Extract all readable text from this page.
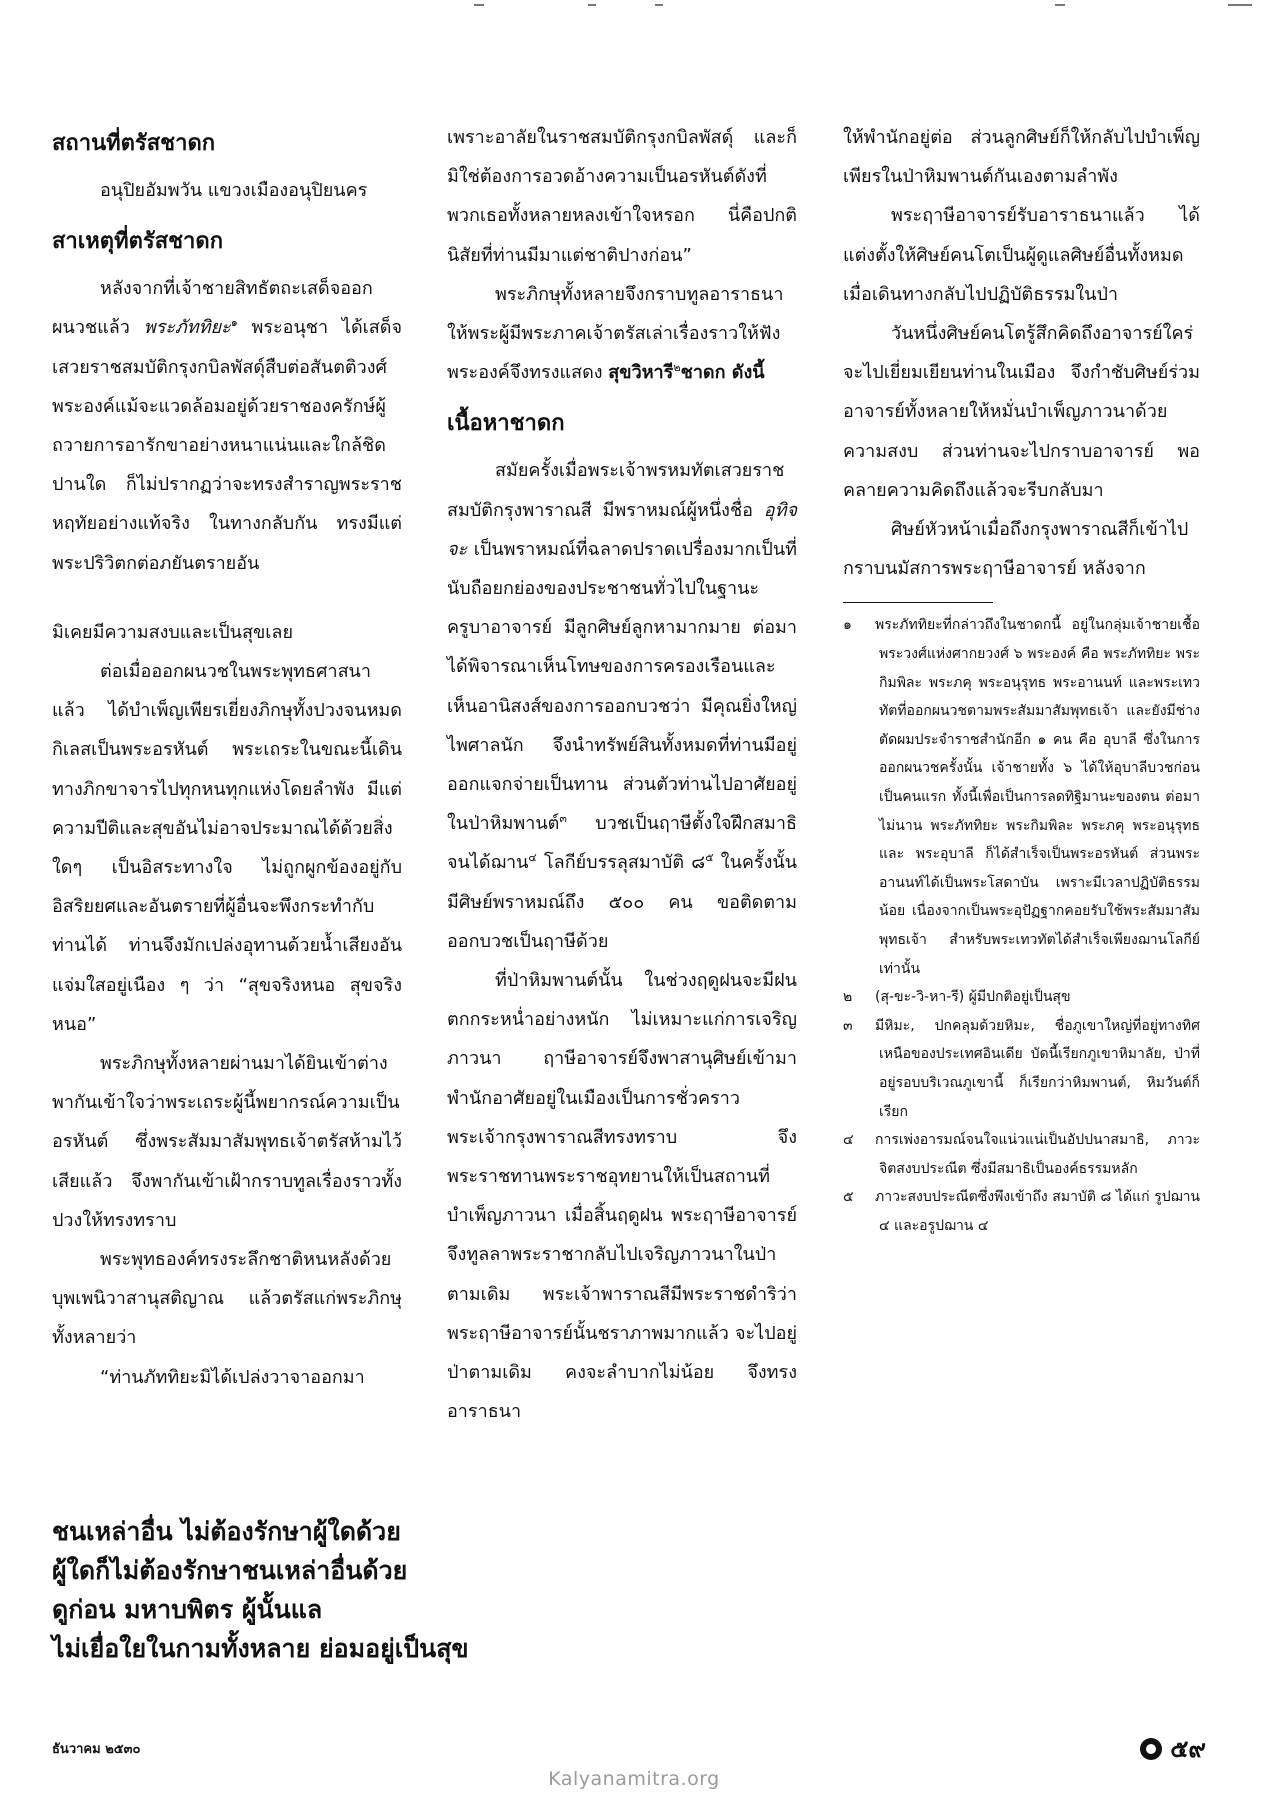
สถานที่ตรัสชาดก

อนุปิยอัมพวัน แขวงเมืองอนุปิยนคร

สาเหตุที่ตรัสชาดก

หลังจากที่เจ้าชายสิทธัตถะเสด็จออกผนวชแล้ว พระภัททิยะ$^๑$ พระอนุชา ได้เสด็จเสวยราชสมบัติกรุงกบิลพัสดุ์สืบต่อสันตติวงศ์ พระองค์แม้จะแวดล้อมอยู่ด้วยราชองครักษ์ผู้ถวายการอารักขาอย่างหนาแน่นและใกล้ชิดปานใด ก็ไม่ปรากฏว่าจะทรงสำราญพระราชหฤทัยอย่างแท้จริง ในทางกลับกัน ทรงมีแต่พระปริวิตกต่อภยันตรายอัน

มิเคยมีความสงบและเป็นสุขเลย

ต่อเมื่อออกผนวชในพระพุทธศาสนาแล้ว ได้บำเพ็ญเพียรเยี่ยงภิกษุทั้งปวงจนหมดกิเลสเป็นพระอรหันต์ พระเถระในขณะนี้เดินทางภิกขาจารไปทุกหนทุกแห่งโดยลำพัง มีแต่ความปีติและสุขอันไม่อาจประมาณได้ด้วยสิ่งใดๆ เป็นอิสระทางใจ ไม่ถูกผูกข้องอยู่กับอิสริยยศและอันตรายที่ผู้อื่นจะพึงกระทำกับท่านได้ ท่านจึงมักเปล่งอุทานด้วยน้ำเสียงอันแจ่มใสอยู่เนือง ๆ ว่า “สุขจริงหนอ สุขจริงหนอ”

พระภิกษุทั้งหลายผ่านมาได้ยินเข้าต่างพากันเข้าใจว่าพระเถระผู้นี้พยากรณ์ความเป็นอรหันต์ ซึ่งพระสัมมาสัมพุทธเจ้าตรัสห้ามไว้เสียแล้ว จึงพากันเข้าเฝ้ากราบทูลเรื่องราวทั้งปวงให้ทรงทราบ

พระพุทธองค์ทรงระลึกชาติหนหลังด้วยบุพเพนิวาสานุสติญาณ แล้วตรัสแก่พระภิกษุทั้งหลายว่า

“ท่านภัททิยะมิได้เปล่งวาจาออกมา

เพราะอาลัยในราชสมบัติกรุงกบิลพัสดุ์ และก็มิใช่ต้องการอวดอ้างความเป็นอรหันต์ดังที่พวกเธอทั้งหลายหลงเข้าใจหรอก นี่คือปกตินิสัยที่ท่านมีมาแต่ชาติปางก่อน”

พระภิกษุทั้งหลายจึงกราบทูลอาราธนาให้พระผู้มีพระภาคเจ้าตรัสเล่าเรื่องราวให้ฟัง พระองค์จึงทรงแสดง สุขวิหารี$^๒$ชาดก ดังนี้

เนื้อหาชาดก

สมัยครั้งเมื่อพระเจ้าพรหมทัตเสวยราชสมบัติกรุงพาราณสี มีพราหมณ์ผู้หนึ่งชื่อ อุทิจจะ เป็นพราหมณ์ที่ฉลาดปราดเปรื่องมากเป็นที่นับถือยกย่องของประชาชนทั่วไปในฐานะครูบาอาจารย์ มีลูกศิษย์ลูกหามากมาย ต่อมา ได้พิจารณาเห็นโทษของการครองเรือนและเห็นอานิสงส์ของการออกบวชว่า มีคุณยิ่งใหญ่ไพศาลนัก จึงนำทรัพย์สินทั้งหมดที่ท่านมีอยู่ออกแจกจ่ายเป็นทาน ส่วนตัวท่านไปอาศัยอยู่ในป่าหิมพานต์$^๓$ บวชเป็นฤาษีตั้งใจฝึกสมาธิจนได้ฌาน$^๔$ โลกีย์บรรลุสมาบัติ ๘$^๕$ ในครั้งนั้น มีศิษย์พราหมณ์ถึง ๕๐๐ คน ขอติดตามออกบวชเป็นฤาษีด้วย

ที่ป่าหิมพานต์นั้น ในช่วงฤดูฝนจะมีฝนตกกระหน่ำอย่างหนัก ไม่เหมาะแก่การเจริญภาวนา ฤาษีอาจารย์จึงพาสานุศิษย์เข้ามาพำนักอาศัยอยู่ในเมืองเป็นการชั่วคราว พระเจ้ากรุงพาราณสีทรงทราบ จึงพระราชทานพระราชอุทยานให้เป็นสถานที่บำเพ็ญภาวนา เมื่อสิ้นฤดูฝน พระฤาษีอาจารย์จึงทูลลาพระราชากลับไปเจริญภาวนาในป่าตามเดิม พระเจ้าพาราณสีมีพระราชดำริว่า พระฤาษีอาจารย์นั้นชราภาพมากแล้ว จะไปอยู่ป่าตามเดิม คงจะลำบากไม่น้อย จึงทรงอาราธนา

ให้พำนักอยู่ต่อ ส่วนลูกศิษย์ก็ให้กลับไปบำเพ็ญเพียรในป่าหิมพานต์กันเองตามลำพัง

พระฤาษีอาจารย์รับอาราธนาแล้ว ได้แต่งตั้งให้ศิษย์คนโตเป็นผู้ดูแลศิษย์อื่นทั้งหมด เมื่อเดินทางกลับไปปฏิบัติธรรมในป่า

วันหนึ่งศิษย์คนโตรู้สึกคิดถึงอาจารย์ใคร่จะไปเยี่ยมเยียนท่านในเมือง จึงกำชับศิษย์ร่วมอาจารย์ทั้งหลายให้หมั่นบำเพ็ญภาวนาด้วยความสงบ ส่วนท่านจะไปกราบอาจารย์ พอคลายความคิดถึงแล้วจะรีบกลับมา

ศิษย์หัวหน้าเมื่อถึงกรุงพาราณสีก็เข้าไปกราบนมัสการพระฤาษีอาจารย์ หลังจาก

๑ พระภัททิยะที่กล่าวถึงในชาดกนี้ อยู่ในกลุ่มเจ้าชายเชื้อพระวงศ์แห่งศากยวงศ์ ๖ พระองค์ คือ พระภัททิยะ พระกิมพิละ พระภคุ พระอนุรุทธ พระอานนท์ และพระเทวทัตที่ออกผนวชตามพระสัมมาสัมพุทธเจ้า และยังมีช่างตัดผมประจำราชสำนักอีก ๑ คน คือ อุบาลี ซึ่งในการออกผนวชครั้งนั้น เจ้าชายทั้ง ๖ ได้ให้อุบาลีบวชก่อนเป็นคนแรก ทั้งนี้เพื่อเป็นการลดทิฐิมานะของตน ต่อมาไม่นาน พระภัททิยะ พระกิมพิละ พระภคุ พระอนุรุทธ และ พระอุบาลี ก็ได้สำเร็จเป็นพระอรหันต์ ส่วนพระอานนท์ได้เป็นพระโสดาบัน เพราะมีเวลาปฏิบัติธรรมน้อย เนื่องจากเป็นพระอุปัฏฐากคอยรับใช้พระสัมมาสัมพุทธเจ้า สำหรับพระเทวทัตได้สำเร็จเพียงฌานโลกีย์เท่านั้น

๒ (สุ-ขะ-วิ-หา-รี) ผู้มีปกติอยู่เป็นสุข

๓ มีหิมะ, ปกคลุมด้วยหิมะ, ชื่อภูเขาใหญ่ที่อยู่ทางทิศเหนือของประเทศอินเดีย บัดนี้เรียกภูเขาหิมาลัย, ป่าที่อยู่รอบบริเวณภูเขานี้ ก็เรียกว่าหิมพานต์, หิมวันต์ก็เรียก

๔ การเพ่งอารมณ์จนใจแน่วแน่เป็นอัปปนาสมาธิ, ภาวะจิตสงบประณีต ซึ่งมีสมาธิเป็นองค์ธรรมหลัก

๕ ภาวะสงบประณีตซึ่งพึงเข้าถึง สมาบัติ ๘ ได้แก่ รูปฌาน ๔ และอรูปฌาน ๔

ชนเหล่าอื่น ไม่ต้องรักษาผู้ใดด้วย
ผู้ใดก็ไม่ต้องรักษาชนเหล่าอื่นด้วย
ดูก่อน มหาบพิตร ผู้นั้นแล
ไม่เยื่อใยในกามทั้งหลาย ย่อมอยู่เป็นสุข
ธันวาคม ๒๕๓๐	๕๙
Kalyanamitra.org
